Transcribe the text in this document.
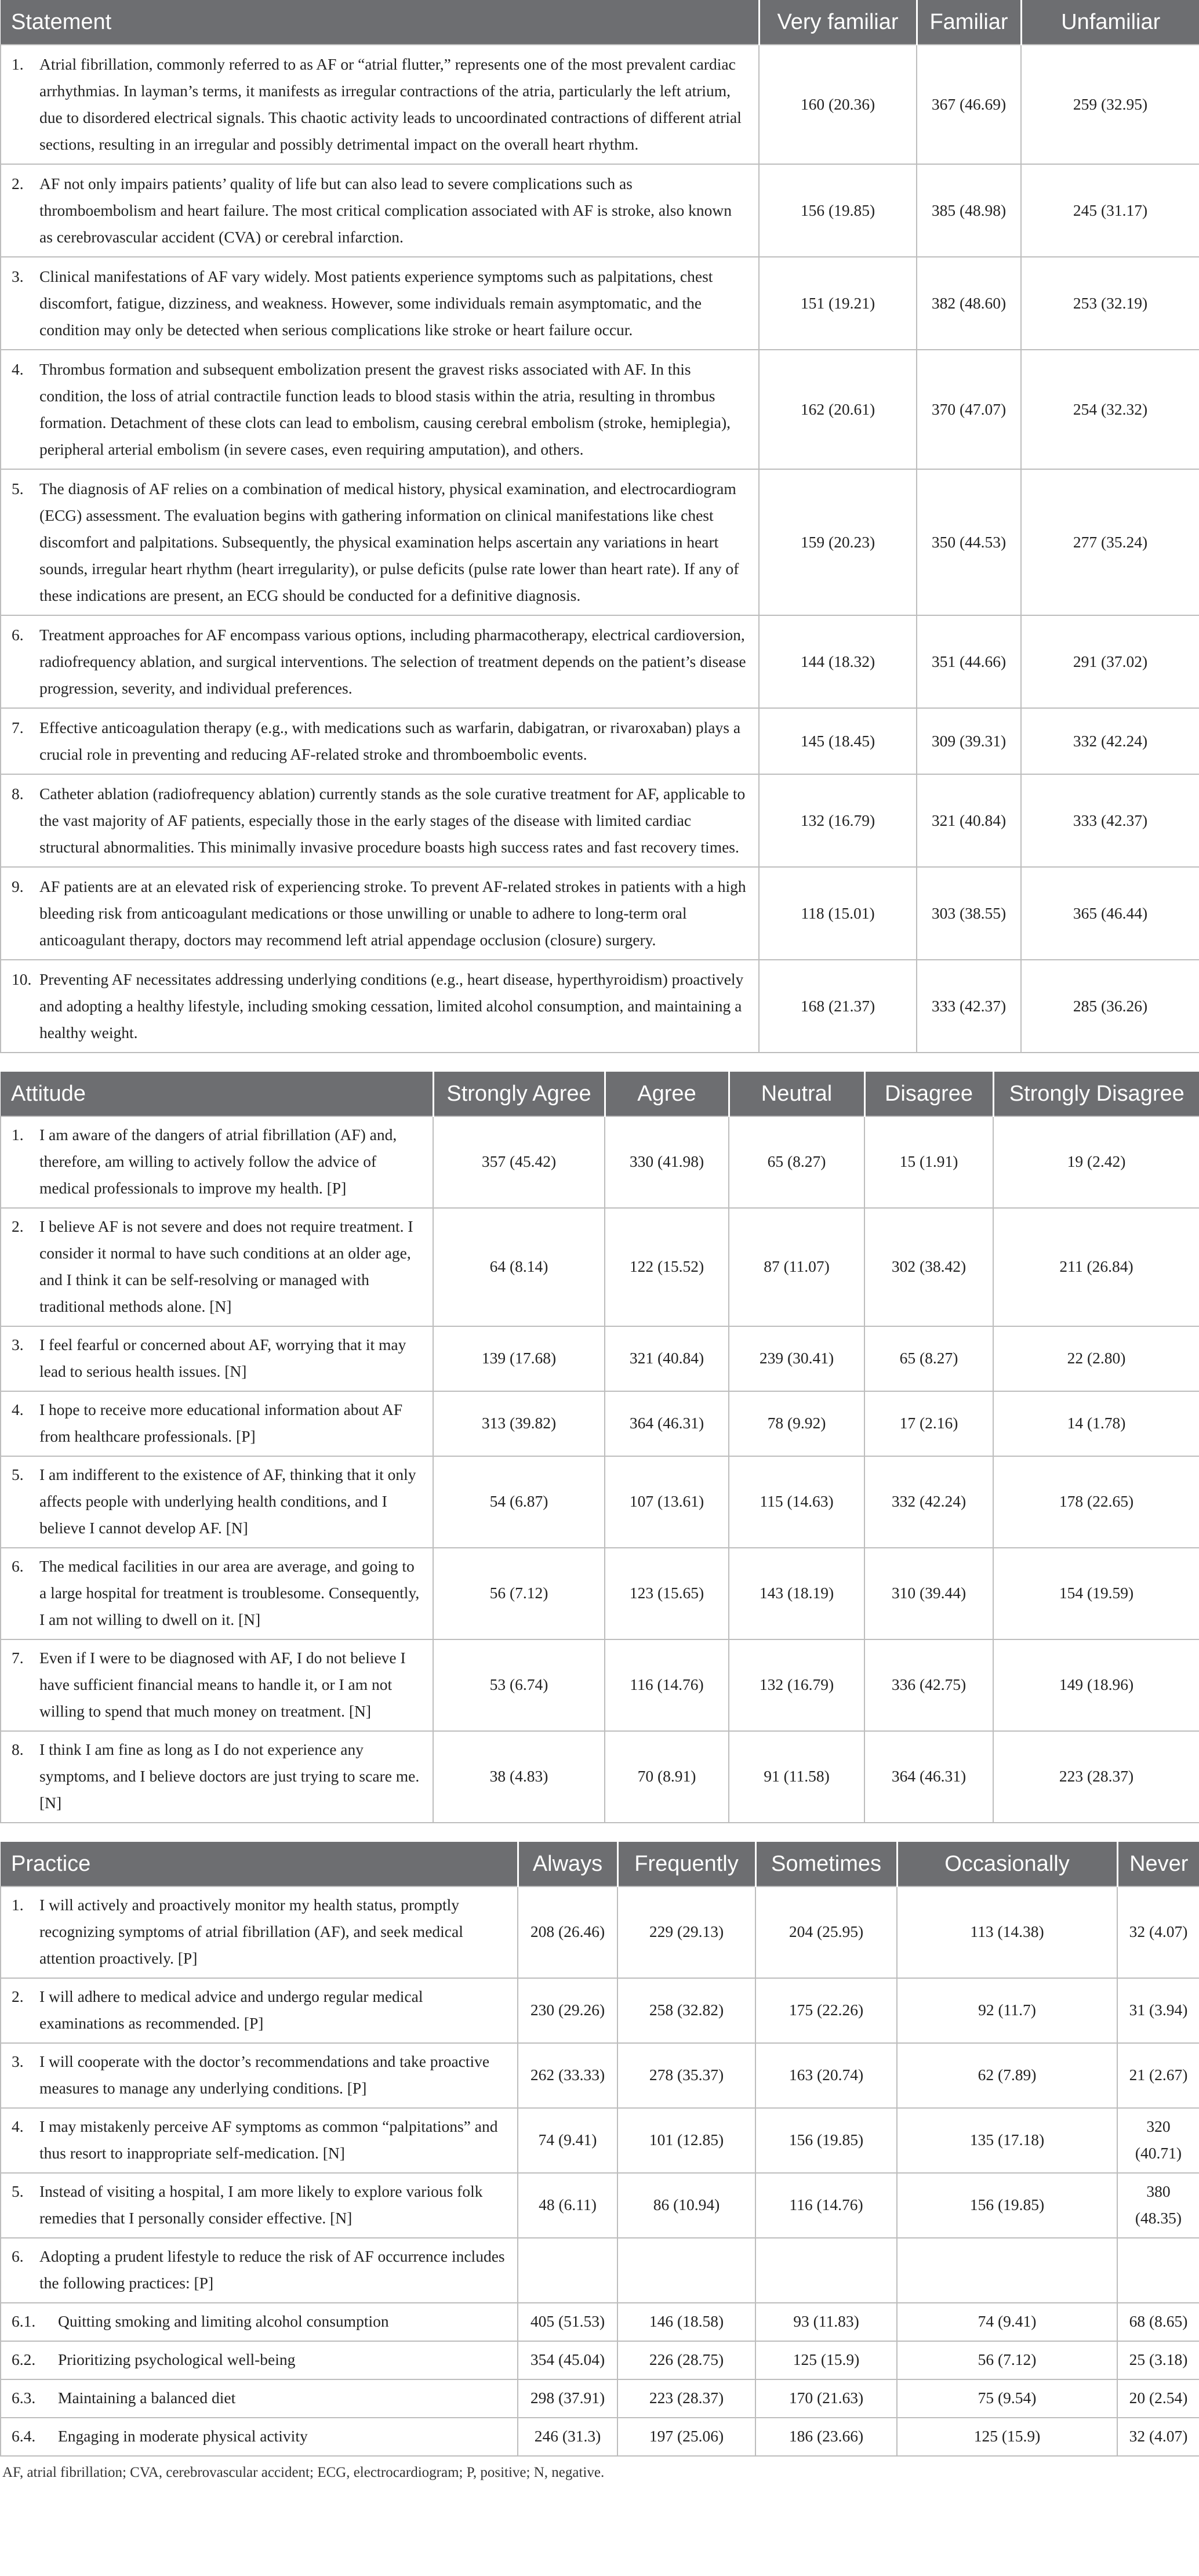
Statement	Very familiar	Familiar	Unfamiliar

1. Atrial fibrillation, commonly referred to as AF or “atrial flutter,” represents one of the most prevalent cardiac arrhythmias. In layman’s terms, it manifests as irregular contractions of the atria, particularly the left atrium, due to disordered electrical signals. This chaotic activity leads to uncoordinated contractions of different atrial sections, resulting in an irregular and possibly detrimental impact on the overall heart rhythm.	160 (20.36)	367 (46.69)	259 (32.95)

2. AF not only impairs patients’ quality of life but can also lead to severe complications such as thromboembolism and heart failure. The most critical complication associated with AF is stroke, also known as cerebrovascular accident (CVA) or cerebral infarction.	156 (19.85)	385 (48.98)	245 (31.17)

3. Clinical manifestations of AF vary widely. Most patients experience symptoms such as palpitations, chest discomfort, fatigue, dizziness, and weakness. However, some individuals remain asymptomatic, and the condition may only be detected when serious complications like stroke or heart failure occur.	151 (19.21)	382 (48.60)	253 (32.19)

4. Thrombus formation and subsequent embolization present the gravest risks associated with AF. In this condition, the loss of atrial contractile function leads to blood stasis within the atria, resulting in thrombus formation. Detachment of these clots can lead to embolism, causing cerebral embolism (stroke, hemiplegia), peripheral arterial embolism (in severe cases, even requiring amputation), and others.	162 (20.61)	370 (47.07)	254 (32.32)

5. The diagnosis of AF relies on a combination of medical history, physical examination, and electrocardiogram (ECG) assessment. The evaluation begins with gathering information on clinical manifestations like chest discomfort and palpitations. Subsequently, the physical examination helps ascertain any variations in heart sounds, irregular heart rhythm (heart irregularity), or pulse deficits (pulse rate lower than heart rate). If any of these indications are present, an ECG should be conducted for a definitive diagnosis.	159 (20.23)	350 (44.53)	277 (35.24)

6. Treatment approaches for AF encompass various options, including pharmacotherapy, electrical cardioversion, radiofrequency ablation, and surgical interventions. The selection of treatment depends on the patient’s disease progression, severity, and individual preferences.	144 (18.32)	351 (44.66)	291 (37.02)

7. Effective anticoagulation therapy (e.g., with medications such as warfarin, dabigatran, or rivaroxaban) plays a crucial role in preventing and reducing AF-related stroke and thromboembolic events.	145 (18.45)	309 (39.31)	332 (42.24)

8. Catheter ablation (radiofrequency ablation) currently stands as the sole curative treatment for AF, applicable to the vast majority of AF patients, especially those in the early stages of the disease with limited cardiac structural abnormalities. This minimally invasive procedure boasts high success rates and fast recovery times.	132 (16.79)	321 (40.84)	333 (42.37)

9. AF patients are at an elevated risk of experiencing stroke. To prevent AF-related strokes in patients with a high bleeding risk from anticoagulant medications or those unwilling or unable to adhere to long-term oral anticoagulant therapy, doctors may recommend left atrial appendage occlusion (closure) surgery.	118 (15.01)	303 (38.55)	365 (46.44)

10. Preventing AF necessitates addressing underlying conditions (e.g., heart disease, hyperthyroidism) proactively and adopting a healthy lifestyle, including smoking cessation, limited alcohol consumption, and maintaining a healthy weight.	168 (21.37)	333 (42.37)	285 (36.26)
Attitude	Strongly Agree	Agree	Neutral	Disagree	Strongly Disagree

1. I am aware of the dangers of atrial fibrillation (AF) and, therefore, am willing to actively follow the advice of medical professionals to improve my health. [P]	357 (45.42)	330 (41.98)	65 (8.27)	15 (1.91)	19 (2.42)

2. I believe AF is not severe and does not require treatment. I consider it normal to have such conditions at an older age, and I think it can be self-resolving or managed with traditional methods alone. [N]	64 (8.14)	122 (15.52)	87 (11.07)	302 (38.42)	211 (26.84)

3. I feel fearful or concerned about AF, worrying that it may lead to serious health issues. [N]	139 (17.68)	321 (40.84)	239 (30.41)	65 (8.27)	22 (2.80)

4. I hope to receive more educational information about AF from healthcare professionals. [P]	313 (39.82)	364 (46.31)	78 (9.92)	17 (2.16)	14 (1.78)

5. I am indifferent to the existence of AF, thinking that it only affects people with underlying health conditions, and I believe I cannot develop AF. [N]	54 (6.87)	107 (13.61)	115 (14.63)	332 (42.24)	178 (22.65)

6. The medical facilities in our area are average, and going to a large hospital for treatment is troublesome. Consequently, I am not willing to dwell on it. [N]	56 (7.12)	123 (15.65)	143 (18.19)	310 (39.44)	154 (19.59)

7. Even if I were to be diagnosed with AF, I do not believe I have sufficient financial means to handle it, or I am not willing to spend that much money on treatment. [N]	53 (6.74)	116 (14.76)	132 (16.79)	336 (42.75)	149 (18.96)

8. I think I am fine as long as I do not experience any symptoms, and I believe doctors are just trying to scare me. [N]	38 (4.83)	70 (8.91)	91 (11.58)	364 (46.31)	223 (28.37)
Practice	Always	Frequently	Sometimes	Occasionally	Never

1. I will actively and proactively monitor my health status, promptly recognizing symptoms of atrial fibrillation (AF), and seek medical attention proactively. [P]	208 (26.46)	229 (29.13)	204 (25.95)	113 (14.38)	32 (4.07)

2. I will adhere to medical advice and undergo regular medical examinations as recommended. [P]	230 (29.26)	258 (32.82)	175 (22.26)	92 (11.7)	31 (3.94)

3. I will cooperate with the doctor’s recommendations and take proactive measures to manage any underlying conditions. [P]	262 (33.33)	278 (35.37)	163 (20.74)	62 (7.89)	21 (2.67)

4. I may mistakenly perceive AF symptoms as common “palpitations” and thus resort to inappropriate self-medication. [N]	74 (9.41)	101 (12.85)	156 (19.85)	135 (17.18)	320 (40.71)

5. Instead of visiting a hospital, I am more likely to explore various folk remedies that I personally consider effective. [N]	48 (6.11)	86 (10.94)	116 (14.76)	156 (19.85)	380 (48.35)

6. Adopting a prudent lifestyle to reduce the risk of AF occurrence includes the following practices: [P]					

6.1. Quitting smoking and limiting alcohol consumption	405 (51.53)	146 (18.58)	93 (11.83)	74 (9.41)	68 (8.65)

6.2. Prioritizing psychological well-being	354 (45.04)	226 (28.75)	125 (15.9)	56 (7.12)	25 (3.18)

6.3. Maintaining a balanced diet	298 (37.91)	223 (28.37)	170 (21.63)	75 (9.54)	20 (2.54)

6.4. Engaging in moderate physical activity	246 (31.3)	197 (25.06)	186 (23.66)	125 (15.9)	32 (4.07)
AF, atrial fibrillation; CVA, cerebrovascular accident; ECG, electrocardiogram; P, positive; N, negative.
